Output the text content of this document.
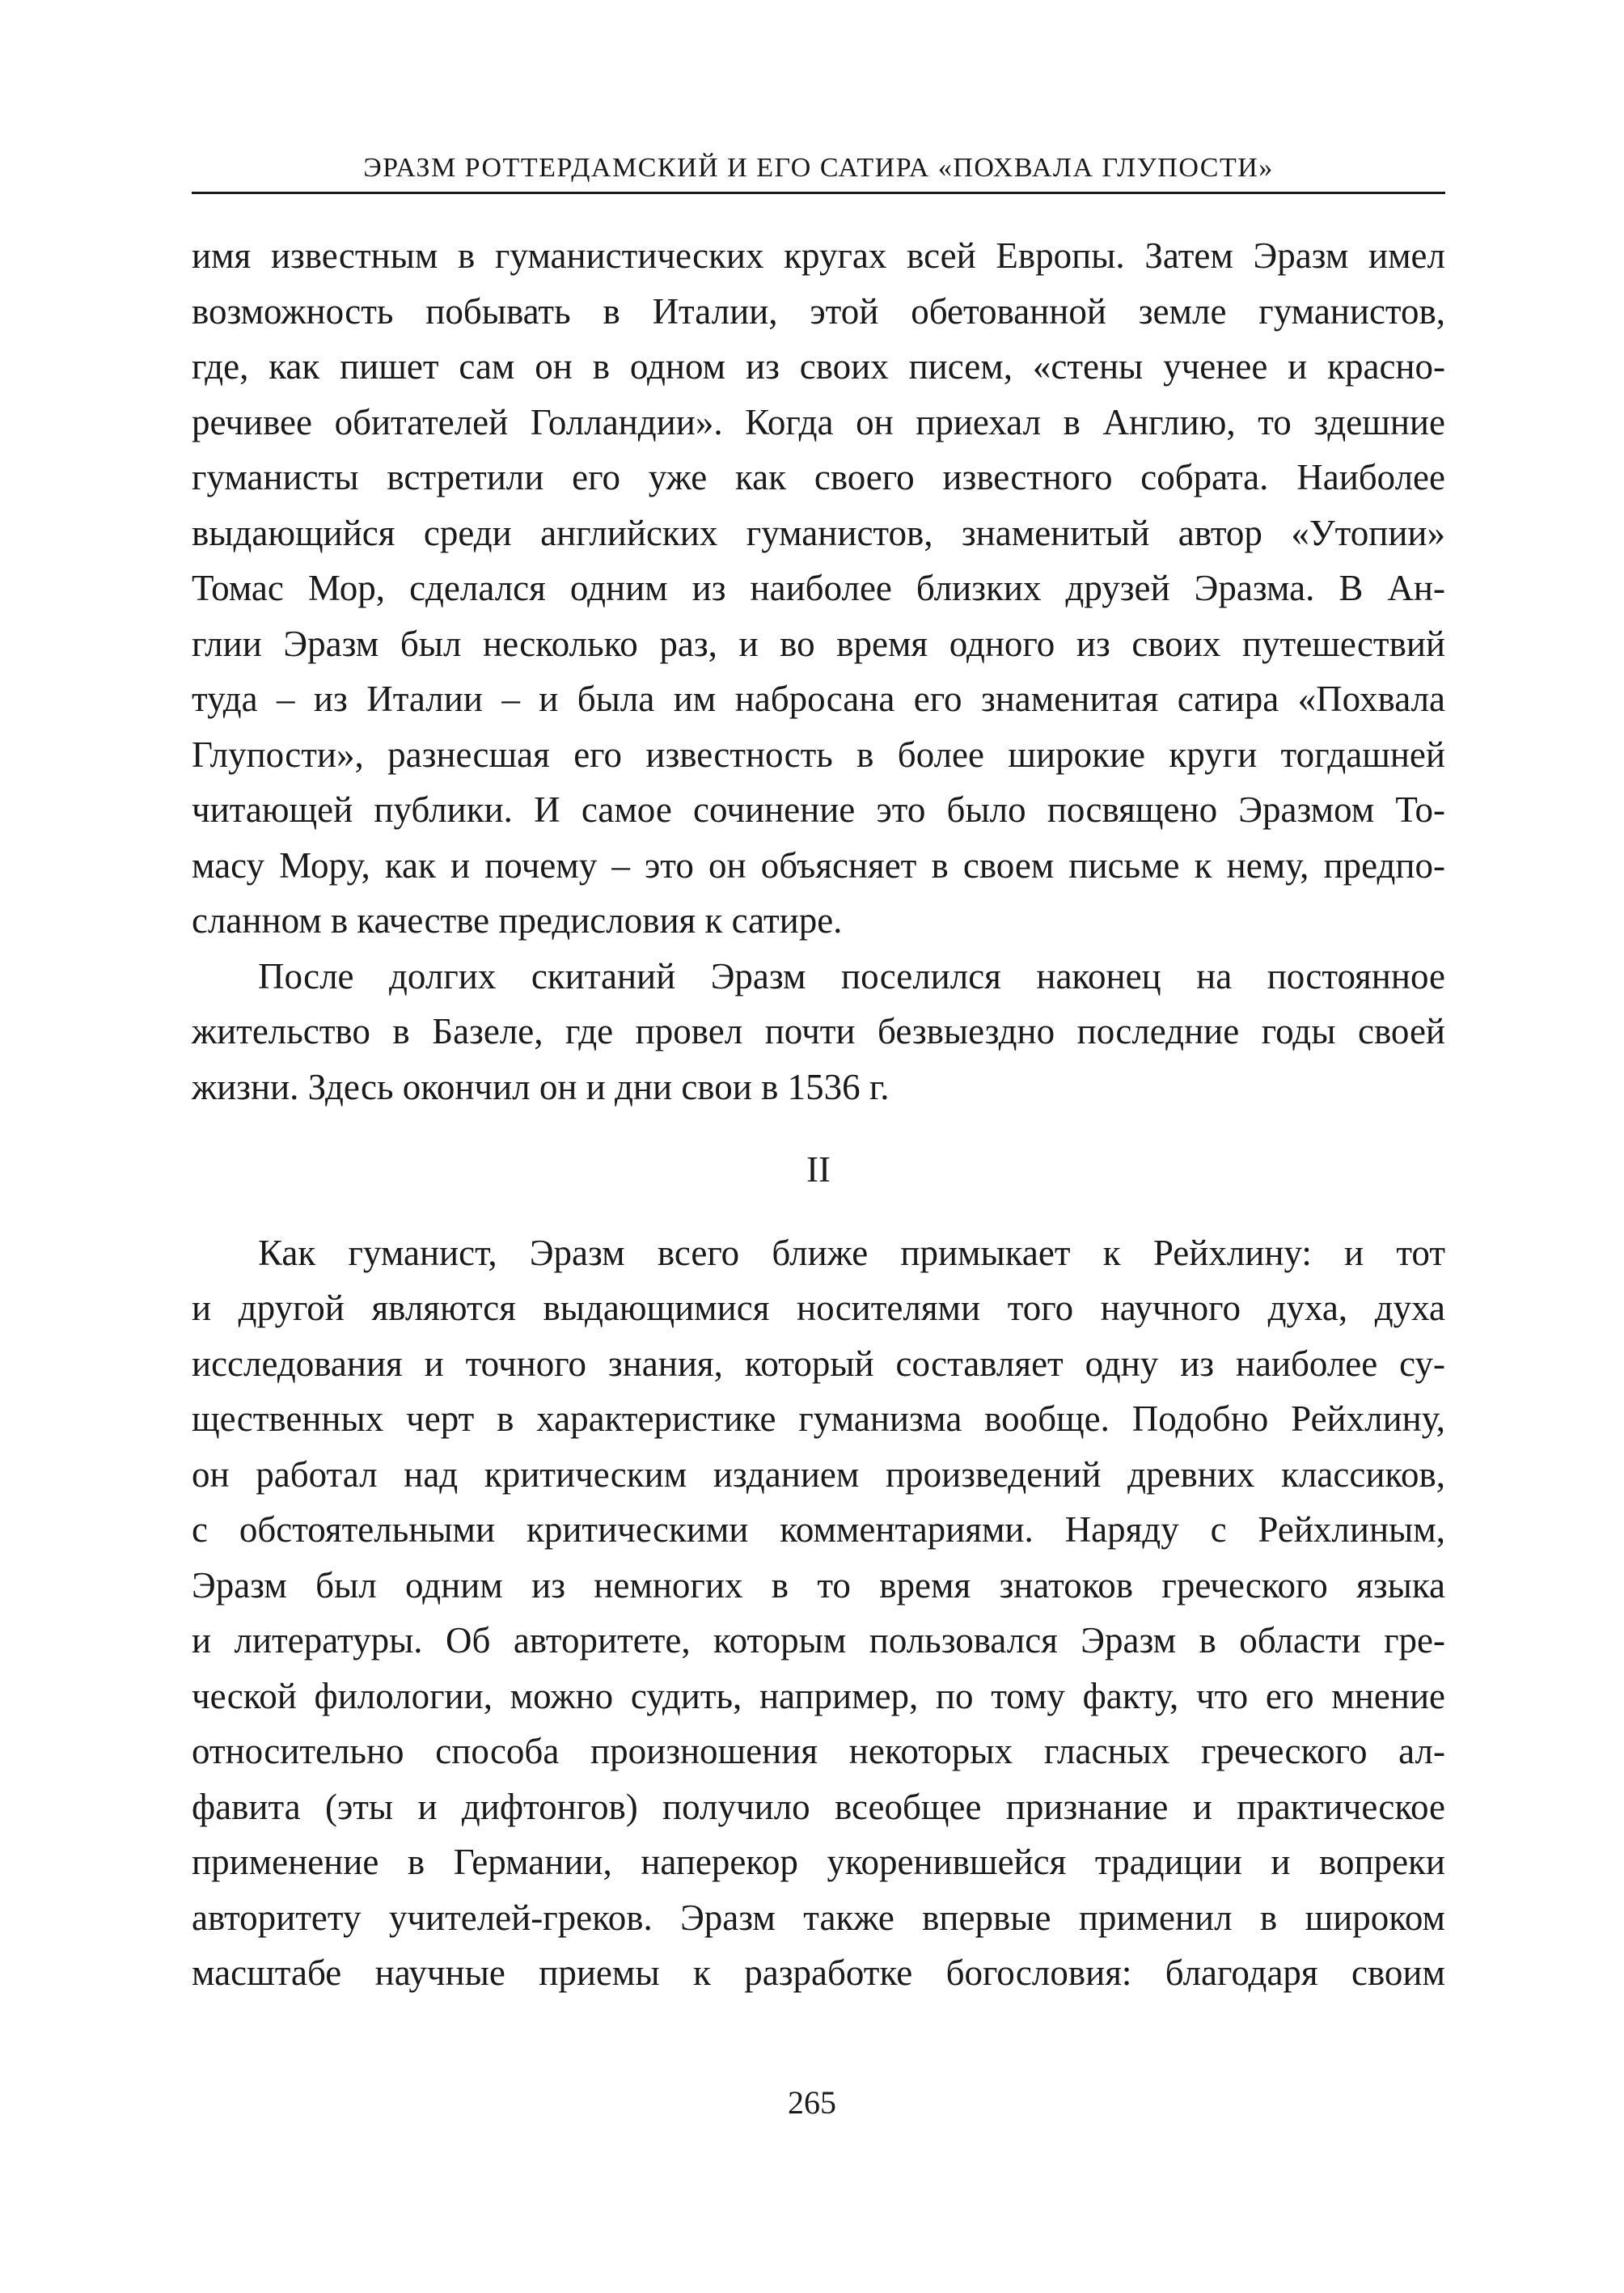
ЭРАЗМ РОТТЕРДАМСКИЙ И ЕГО САТИРА «ПОХВАЛА ГЛУПОСТИ»
имя известным в гуманистических кругах всей Европы. Затем Эразм имел
возможность побывать в Италии, этой обетованной земле гуманистов,
где, как пишет сам он в одном из своих писем, «стены ученее и красно-
речивее обитателей Голландии». Когда он приехал в Англию, то здешние
гуманисты встретили его уже как своего известного собрата. Наиболее
выдающийся среди английских гуманистов, знаменитый автор «Утопии»
Томас Мор, сделался одним из наиболее близких друзей Эразма. В Ан-
глии Эразм был несколько раз, и во время одного из своих путешествий
туда – из Италии – и была им набросана его знаменитая сатира «Похвала
Глупости», разнесшая его известность в более широкие круги тогдашней
читающей публики. И самое сочинение это было посвящено Эразмом То-
масу Мору, как и почему – это он объясняет в своем письме к нему, предпо-
сланном в качестве предисловия к сатире.
После долгих скитаний Эразм поселился наконец на постоянное
жительство в Базеле, где провел почти безвыездно последние годы своей
жизни. Здесь окончил он и дни свои в 1536 г.
II
Как гуманист, Эразм всего ближе примыкает к Рейхлину: и тот
и другой являются выдающимися носителями того научного духа, духа
исследования и точного знания, который составляет одну из наиболее су-
щественных черт в характеристике гуманизма вообще. Подобно Рейхлину,
он работал над критическим изданием произведений древних классиков,
с обстоятельными критическими комментариями. Наряду с Рейхлиным,
Эразм был одним из немногих в то время знатоков греческого языка
и литературы. Об авторитете, которым пользовался Эразм в области гре-
ческой филологии, можно судить, например, по тому факту, что его мнение
относительно способа произношения некоторых гласных греческого ал-
фавита (эты и дифтонгов) получило всеобщее признание и практическое
применение в Германии, наперекор укоренившейся традиции и вопреки
авторитету учителей-греков. Эразм также впервые применил в широком
масштабе научные приемы к разработке богословия: благодаря своим
265
